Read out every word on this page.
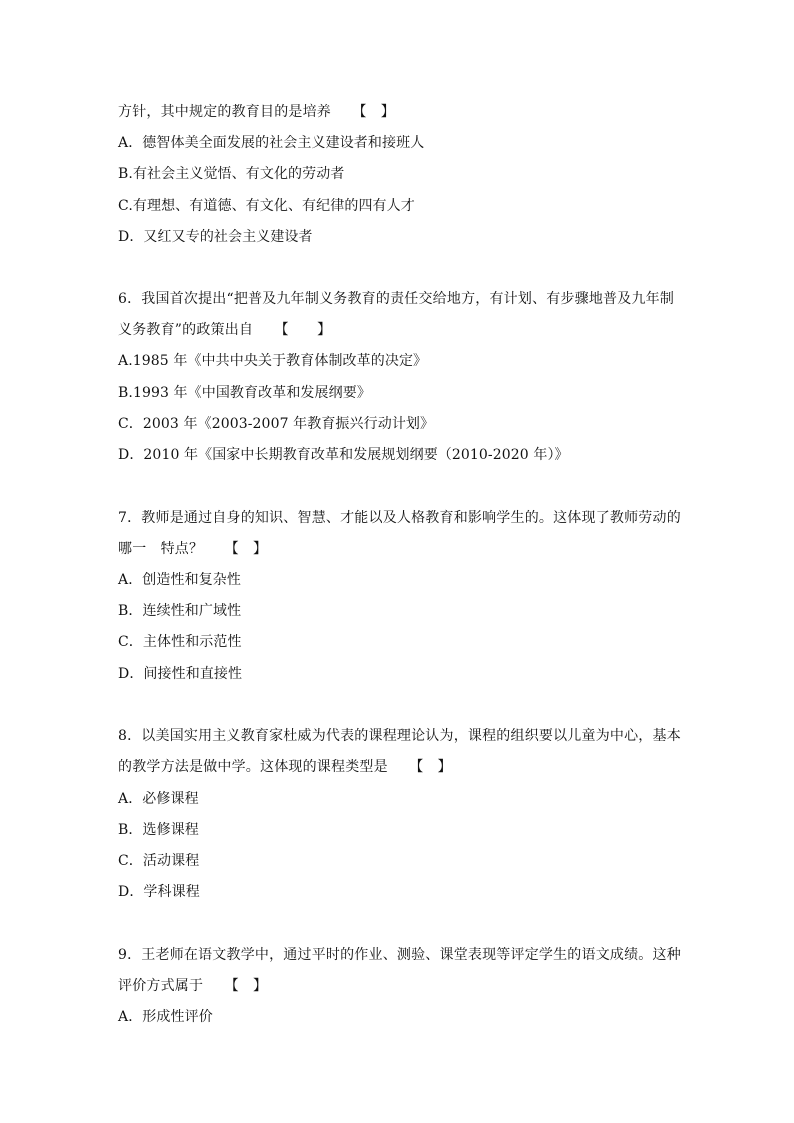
方针，其中规定的教育目的是培养　　【　】
A．德智体美全面发展的社会主义建设者和接班人
B.有社会主义觉悟、有文化的劳动者
C.有理想、有道德、有文化、有纪律的四有人才
D．又红又专的社会主义建设者
6．我国首次提出“把普及九年制义务教育的责任交给地方，有计划、有步骤地普及九年制
义务教育”的政策出自　　【　　】
A.1985 年《中共中央关于教育体制改革的决定》
B.1993 年《中国教育改革和发展纲要》
C．2003 年《2003-2007 年教育振兴行动计划》
D．2010 年《国家中长期教育改革和发展规划纲要（2010-2020 年）》
7．教师是通过自身的知识、智慧、才能以及人格教育和影响学生的。这体现了教师劳动的
哪一　特点？　　【　】
A．创造性和复杂性
B．连续性和广域性
C．主体性和示范性
D．间接性和直接性
8．以美国实用主义教育家杜威为代表的课程理论认为，课程的组织要以儿童为中心，基本
的教学方法是做中学。这体现的课程类型是　　【　】
A．必修课程
B．选修课程
C．活动课程
D．学科课程
9．王老师在语文教学中，通过平时的作业、测验、课堂表现等评定学生的语文成绩。这种
评价方式属于　　【　】
A．形成性评价
